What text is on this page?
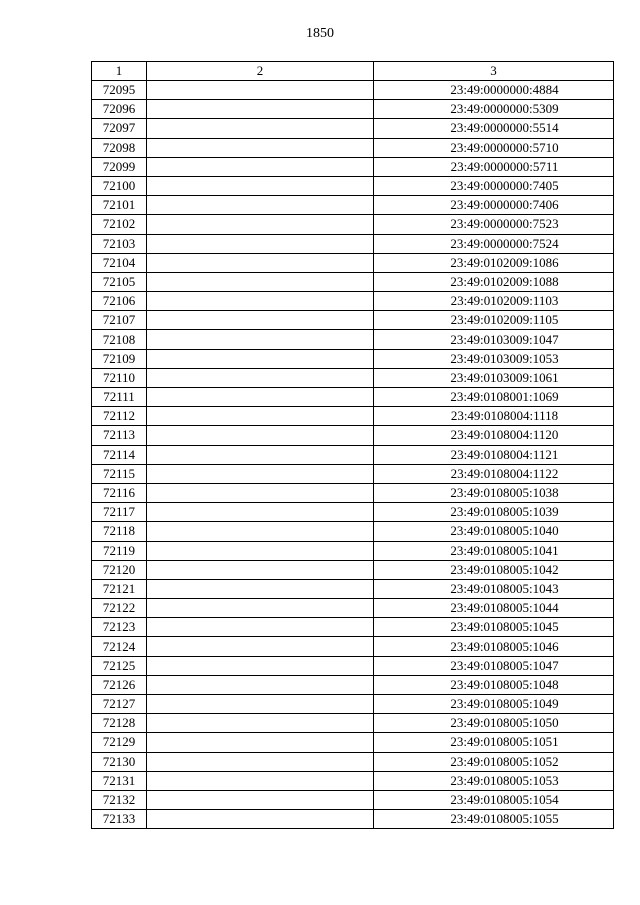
1850
1	2	3
72095		23:49:0000000:4884
72096		23:49:0000000:5309
72097		23:49:0000000:5514
72098		23:49:0000000:5710
72099		23:49:0000000:5711
72100		23:49:0000000:7405
72101		23:49:0000000:7406
72102		23:49:0000000:7523
72103		23:49:0000000:7524
72104		23:49:0102009:1086
72105		23:49:0102009:1088
72106		23:49:0102009:1103
72107		23:49:0102009:1105
72108		23:49:0103009:1047
72109		23:49:0103009:1053
72110		23:49:0103009:1061
72111		23:49:0108001:1069
72112		23:49:0108004:1118
72113		23:49:0108004:1120
72114		23:49:0108004:1121
72115		23:49:0108004:1122
72116		23:49:0108005:1038
72117		23:49:0108005:1039
72118		23:49:0108005:1040
72119		23:49:0108005:1041
72120		23:49:0108005:1042
72121		23:49:0108005:1043
72122		23:49:0108005:1044
72123		23:49:0108005:1045
72124		23:49:0108005:1046
72125		23:49:0108005:1047
72126		23:49:0108005:1048
72127		23:49:0108005:1049
72128		23:49:0108005:1050
72129		23:49:0108005:1051
72130		23:49:0108005:1052
72131		23:49:0108005:1053
72132		23:49:0108005:1054
72133		23:49:0108005:1055
